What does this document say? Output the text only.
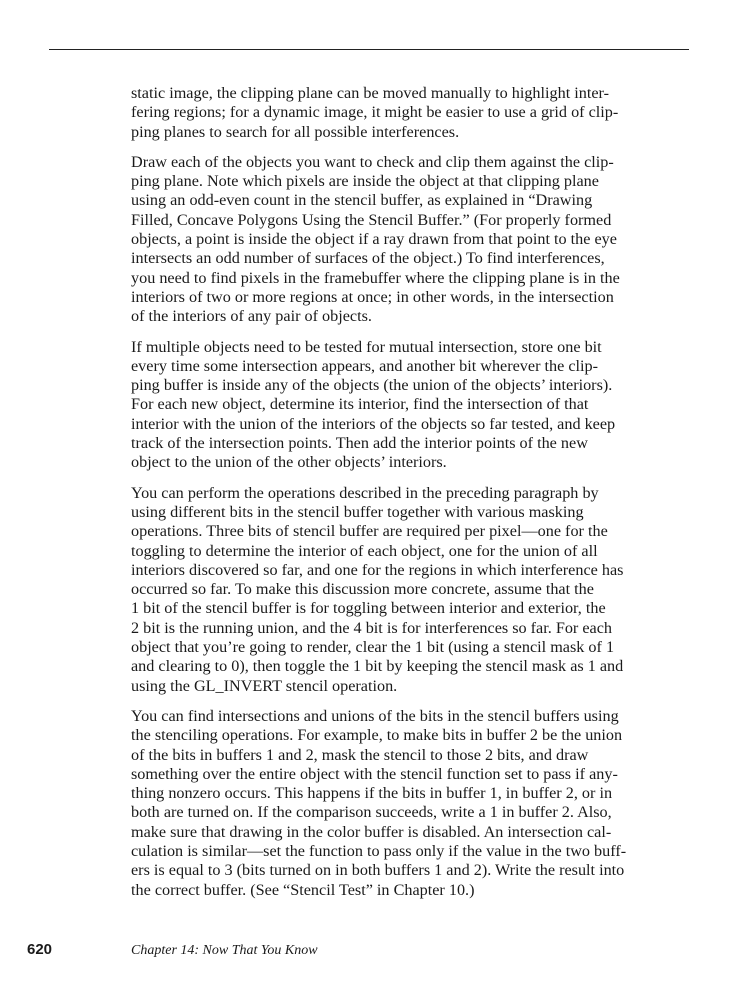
static image, the clipping plane can be moved manually to highlight inter-
fering regions; for a dynamic image, it might be easier to use a grid of clip-
ping planes to search for all possible interferences.

Draw each of the objects you want to check and clip them against the clip-
ping plane. Note which pixels are inside the object at that clipping plane
using an odd-even count in the stencil buffer, as explained in “Drawing
Filled, Concave Polygons Using the Stencil Buffer.” (For properly formed
objects, a point is inside the object if a ray drawn from that point to the eye
intersects an odd number of surfaces of the object.) To find interferences,
you need to find pixels in the framebuffer where the clipping plane is in the
interiors of two or more regions at once; in other words, in the intersection
of the interiors of any pair of objects.

If multiple objects need to be tested for mutual intersection, store one bit
every time some intersection appears, and another bit wherever the clip-
ping buffer is inside any of the objects (the union of the objects’ interiors).
For each new object, determine its interior, find the intersection of that
interior with the union of the interiors of the objects so far tested, and keep
track of the intersection points. Then add the interior points of the new
object to the union of the other objects’ interiors.

You can perform the operations described in the preceding paragraph by
using different bits in the stencil buffer together with various masking
operations. Three bits of stencil buffer are required per pixel—one for the
toggling to determine the interior of each object, one for the union of all
interiors discovered so far, and one for the regions in which interference has
occurred so far. To make this discussion more concrete, assume that the
1 bit of the stencil buffer is for toggling between interior and exterior, the
2 bit is the running union, and the 4 bit is for interferences so far. For each
object that you’re going to render, clear the 1 bit (using a stencil mask of 1
and clearing to 0), then toggle the 1 bit by keeping the stencil mask as 1 and
using the GL_INVERT stencil operation.

You can find intersections and unions of the bits in the stencil buffers using
the stenciling operations. For example, to make bits in buffer 2 be the union
of the bits in buffers 1 and 2, mask the stencil to those 2 bits, and draw
something over the entire object with the stencil function set to pass if any-
thing nonzero occurs. This happens if the bits in buffer 1, in buffer 2, or in
both are turned on. If the comparison succeeds, write a 1 in buffer 2. Also,
make sure that drawing in the color buffer is disabled. An intersection cal-
culation is similar—set the function to pass only if the value in the two buff-
ers is equal to 3 (bits turned on in both buffers 1 and 2). Write the result into
the correct buffer. (See “Stencil Test” in Chapter 10.)

620	Chapter 14: Now That You Know
